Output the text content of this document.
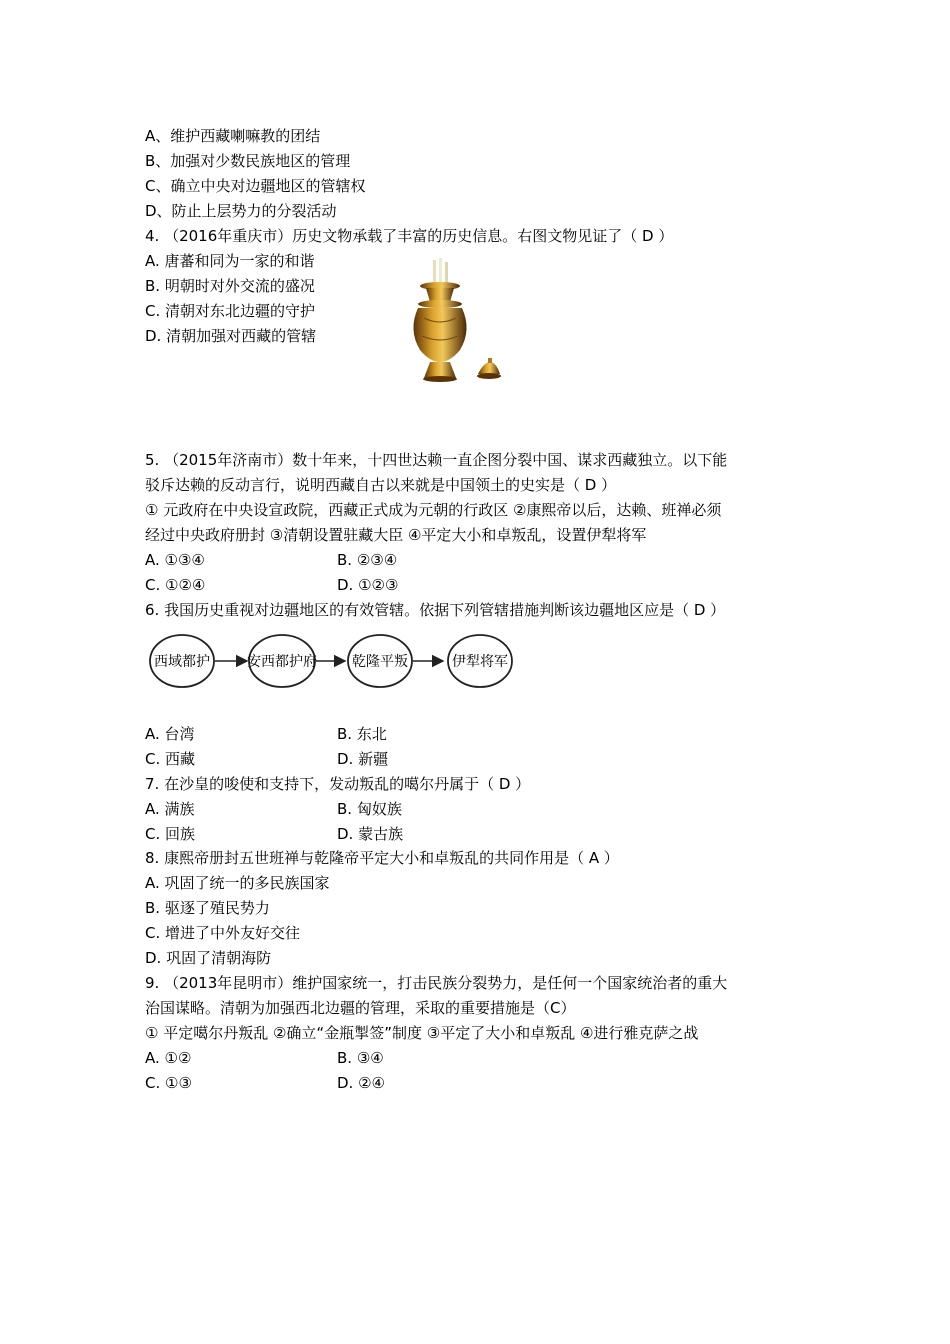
A、维护西藏喇嘛教的团结
B、加强对少数民族地区的管理
C、确立中央对边疆地区的管辖权
D、防止上层势力的分裂活动
4. （2016年重庆市）历史文物承载了丰富的历史信息。右图文物见证了（ D ）
A. 唐蕃和同为一家的和谐
B. 明朝时对外交流的盛况
C. 清朝对东北边疆的守护
D. 清朝加强对西藏的管辖
5. （2015年济南市）数十年来，十四世达赖一直企图分裂中国、谋求西藏独立。以下能
驳斥达赖的反动言行，说明西藏自古以来就是中国领土的史实是（ D ）
① 元政府在中央设宣政院，西藏正式成为元朝的行政区 ②康熙帝以后，达赖、班禅必须
经过中央政府册封 ③清朝设置驻藏大臣 ④平定大小和卓叛乱，设置伊犁将军
A. ①③④	B. ②③④
C. ①②④	D. ①②③
6. 我国历史重视对边疆地区的有效管辖。依据下列管辖措施判断该边疆地区应是（ D ）
西域都护	安西都护府	乾隆平叛	伊犁将军
A. 台湾	B. 东北
C. 西藏	D. 新疆
7. 在沙皇的唆使和支持下，发动叛乱的噶尔丹属于（ D ）
A. 满族	B. 匈奴族
C. 回族	D. 蒙古族
8. 康熙帝册封五世班禅与乾隆帝平定大小和卓叛乱的共同作用是（ A ）
A. 巩固了统一的多民族国家
B. 驱逐了殖民势力
C. 增进了中外友好交往
D. 巩固了清朝海防
9. （2013年昆明市）维护国家统一，打击民族分裂势力，是任何一个国家统治者的重大
治国谋略。清朝为加强西北边疆的管理，采取的重要措施是（C）
① 平定噶尔丹叛乱 ②确立“金瓶掣签”制度 ③平定了大小和卓叛乱 ④进行雅克萨之战
A. ①②	B. ③④
C. ①③	D. ②④
